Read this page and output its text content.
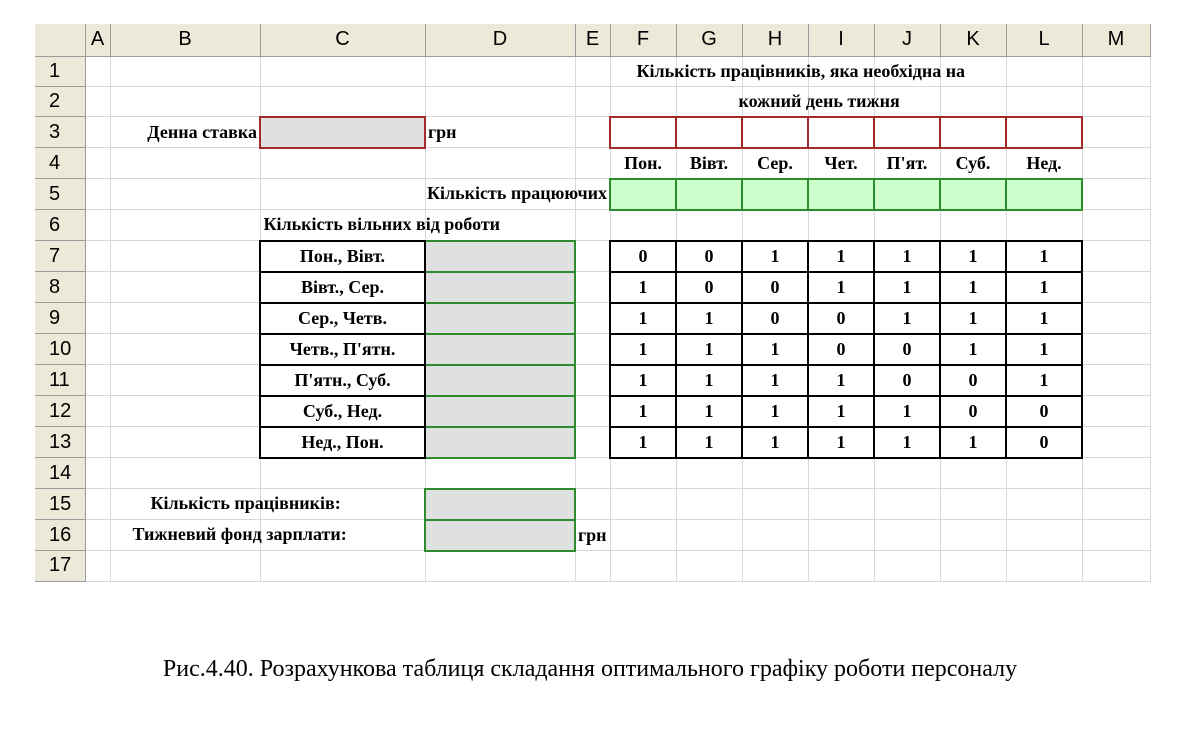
	A	B	C	D	E	F	G	H	I	J	K	L	M
1						Кількість працівників, яка необхідна на							

2						кожний день тижня							

3		Денна ставка		грн									
4						Пон.	Вівт.	Сер.	Чет.	П'ят.	Суб.	Нед.	
5					Кількість працюючих								

6			Кількість вільних від роботи										

7			Пон., Вівт.			0	0	1	1	1	1	1	
8			Вівт., Сер.			1	0	0	1	1	1	1	
9			Сер., Четв.			1	1	0	0	1	1	1	
10			Четв., П'ятн.			1	1	1	0	0	1	1	
11			П'ятн., Суб.			1	1	1	1	0	0	1	
12			Суб., Нед.			1	1	1	1	1	0	0	
13			Нед., Пон.			1	1	1	1	1	1	0	
14													
15		Кількість працівників:											

16		Тижневий фонд зарплати:			грн								
17													
Рис.4.40. Розрахункова таблиця складання оптимального графіку роботи персоналу
